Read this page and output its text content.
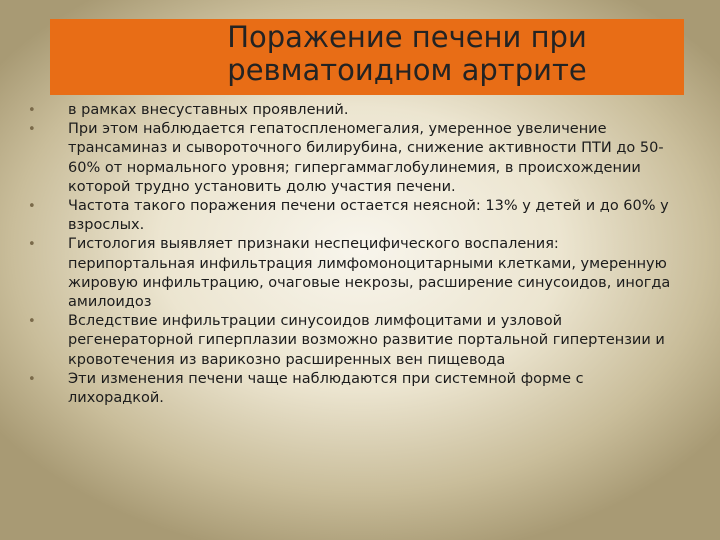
Поражение печени при ревматоидном артрите
• в рамках внесуставных проявлений.
• При этом наблюдается гепатоспленомегалия, умеренное увеличение трансаминаз и сывороточного билирубина, снижение активности ПТИ до 50-60% от нормального уровня; гипергаммаглобулинемия, в происхождении которой трудно установить долю участия печени.
• Частота такого поражения печени остается неясной: 13% у детей и до 60% у взрослых.
• Гистология выявляет признаки неспецифического воспаления: перипортальная инфильтрация лимфомоноцитарными клетками, умеренную жировую инфильтрацию, очаговые некрозы, расширение синусоидов, иногда амилоидоз
• Вследствие инфильтрации синусоидов лимфоцитами и узловой регенераторной гиперплазии возможно развитие портальной гипертензии и кровотечения из варикозно расширенных вен пищевода
• Эти изменения печени чаще наблюдаются при системной форме с лихорадкой.
